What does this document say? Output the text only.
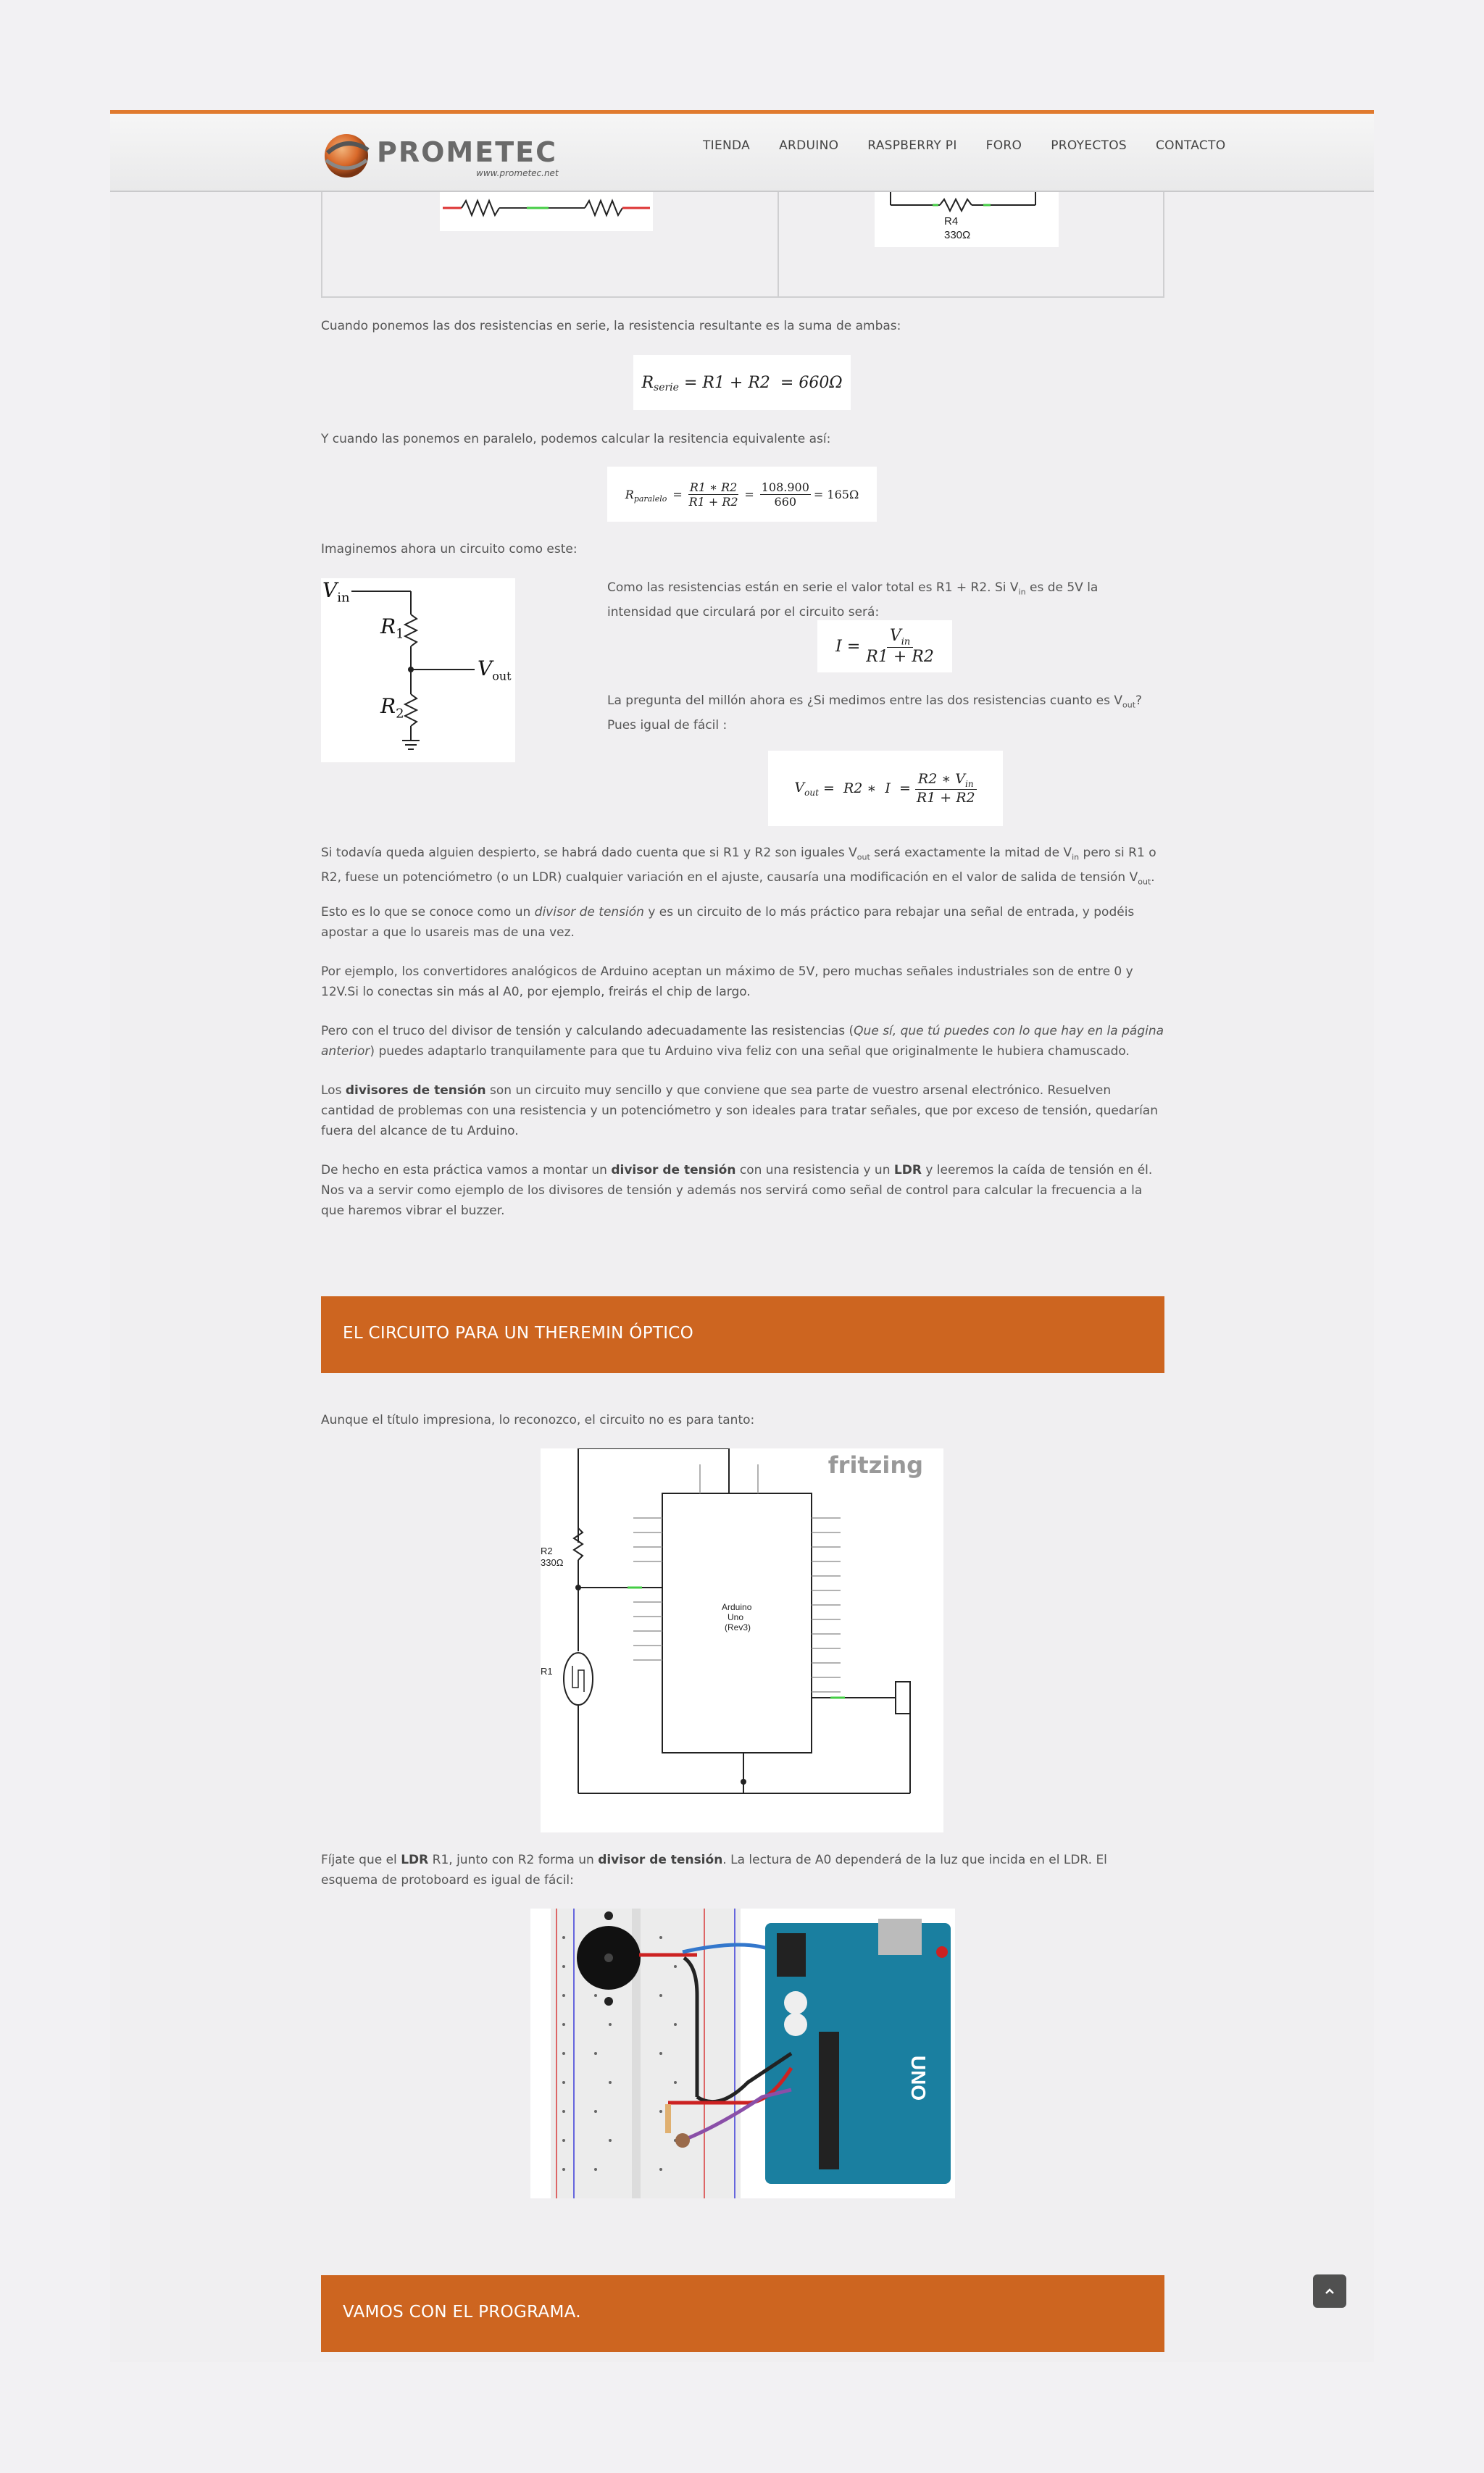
PROMETEC
www.prometec.net
TIENDA ARDUINO RASPBERRY PI FORO PROYECTOS CONTACTO
R4
330Ω
Cuando ponemos las dos resistencias en serie, la resistencia resultante es la suma de ambas:
$R_{serie} = R1 + R2 = 660\Omega$
Y cuando las ponemos en paralelo, podemos calcular la resitencia equivalente así:
$R_{paralelo} = \frac{R1 ∗ R2}{R1 + R2} = \frac{108.900}{660} = 165\Omega$
Imaginemos ahora un circuito como este:
$V_{in}$
$R_1$
$V_{out}$
$R_2$
Como las resistencias están en serie el valor total es R1 + R2. Si $V_{in}$ es de 5V la intensidad que circulará por el circuito será:
I =
$V_{in}$
R1 + R2
La pregunta del millón ahora es ¿Si medimos entre las dos resistencias cuanto es $V_{out}$? Pues igual de fácil :
$V_{out} = R2$ ∗  I  =
R2 ∗ $V_{in}$
R1 + R2
Si todavía queda alguien despierto, se habrá dado cuenta que si R1 y R2 son iguales $V_{out}$ será exactamente la mitad de $V_{in}$ pero si R1 o R2, fuese un potenciómetro (o un LDR) cualquier variación en el ajuste, causaría una modificación en el valor de salida de tensión $V_{out}$.
Esto es lo que se conoce como un divisor de tensión y es un circuito de lo más práctico para rebajar una señal de entrada, y podéis apostar a que lo usareis mas de una vez.
Por ejemplo, los convertidores analógicos de Arduino aceptan un máximo de 5V, pero muchas señales industriales son de entre 0 y 12V.Si lo conectas sin más al A0, por ejemplo, freirás el chip de largo.
Pero con el truco del divisor de tensión y calculando adecuadamente las resistencias (Que sí, que tú puedes con lo que hay en la página anterior) puedes adaptarlo tranquilamente para que tu Arduino viva feliz con una señal que originalmente le hubiera chamuscado.
Los divisores de tensión son un circuito muy sencillo y que conviene que sea parte de vuestro arsenal electrónico. Resuelven cantidad de problemas con una resistencia y un potenciómetro y son ideales para tratar señales, que por exceso de tensión, quedarían fuera del alcance de tu Arduino.
De hecho en esta práctica vamos a montar un divisor de tensión con una resistencia y un LDR y leeremos la caída de tensión en él. Nos va a servir como ejemplo de los divisores de tensión y además nos servirá como señal de control para calcular la frecuencia a la que haremos vibrar el buzzer.
EL CIRCUITO PARA UN THEREMIN ÓPTICO
Aunque el título impresiona, lo reconozco, el circuito no es para tanto:
fritzing
R2
330Ω
R1
Arduino
Uno
(Rev3)
Fíjate que el LDR R1, junto con R2 forma un divisor de tensión. La lectura de A0 dependerá de la luz que incida en el LDR. El esquema de protoboard es igual de fácil:
UNO
VAMOS CON EL PROGRAMA.
